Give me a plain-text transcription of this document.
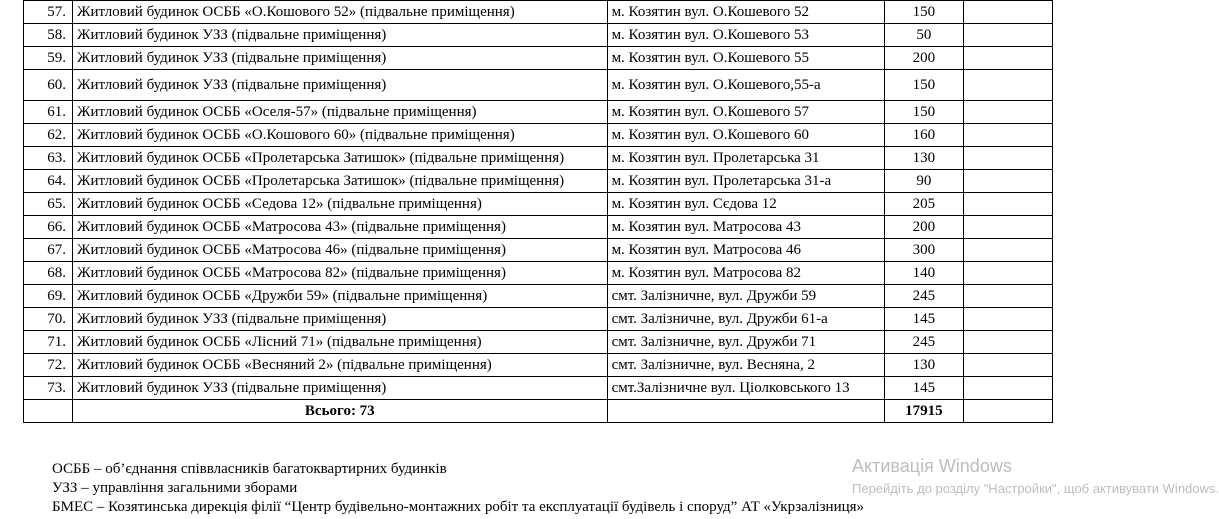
57.	Житловий будинок ОСББ «О.Кошового 52» (підвальне приміщення)	м. Козятин вул. О.Кошевого 52	150	
58.	Житловий будинок УЗЗ (підвальне приміщення)	м. Козятин вул. О.Кошевого 53	50	
59.	Житловий будинок УЗЗ (підвальне приміщення)	м. Козятин вул. О.Кошевого 55	200	
60.	Житловий будинок УЗЗ (підвальне приміщення)	м. Козятин вул. О.Кошевого,55-а	150	
61.	Житловий будинок ОСББ «Оселя-57» (підвальне приміщення)	м. Козятин вул. О.Кошевого 57	150	
62.	Житловий будинок ОСББ «О.Кошового 60» (підвальне приміщення)	м. Козятин вул. О.Кошевого 60	160	
63.	Житловий будинок ОСББ «Пролетарська Затишок» (підвальне приміщення)	м. Козятин вул. Пролетарська 31	130	
64.	Житловий будинок ОСББ «Пролетарська Затишок» (підвальне приміщення)	м. Козятин вул. Пролетарська 31-а	90	
65.	Житловий будинок ОСББ «Седова 12» (підвальне приміщення)	м. Козятин вул. Сєдова 12	205	
66.	Житловий будинок ОСББ «Матросова 43» (підвальне приміщення)	м. Козятин вул. Матросова 43	200	
67.	Житловий будинок ОСББ «Матросова 46» (підвальне приміщення)	м. Козятин вул. Матросова 46	300	
68.	Житловий будинок ОСББ «Матросова 82» (підвальне приміщення)	м. Козятин вул. Матросова 82	140	
69.	Житловий будинок ОСББ «Дружби 59» (підвальне приміщення)	смт. Залізничне, вул. Дружби 59	245	
70.	Житловий будинок УЗЗ (підвальне приміщення)	смт. Залізничне, вул. Дружби 61-а	145	
71.	Житловий будинок ОСББ «Лісний 71» (підвальне приміщення)	смт. Залізничне, вул. Дружби 71	245	
72.	Житловий будинок ОСББ «Весняний 2» (підвальне приміщення)	смт. Залізничне, вул. Весняна, 2	130	
73.	Житловий будинок УЗЗ (підвальне приміщення)	смт.Залізничне вул. Ціолковського 13	145	
	Всього: 73		17915	
ОСББ – об’єднання співвласників багатоквартирних будинків
УЗЗ – управління загальними зборами
БМЕС – Козятинська дирекція філії “Центр будівельно-монтажних робіт та експлуатації будівель і споруд” АТ «Укрзалізниця»
Активація Windows
Перейдіть до розділу "Настройки", щоб активувати Windows.
